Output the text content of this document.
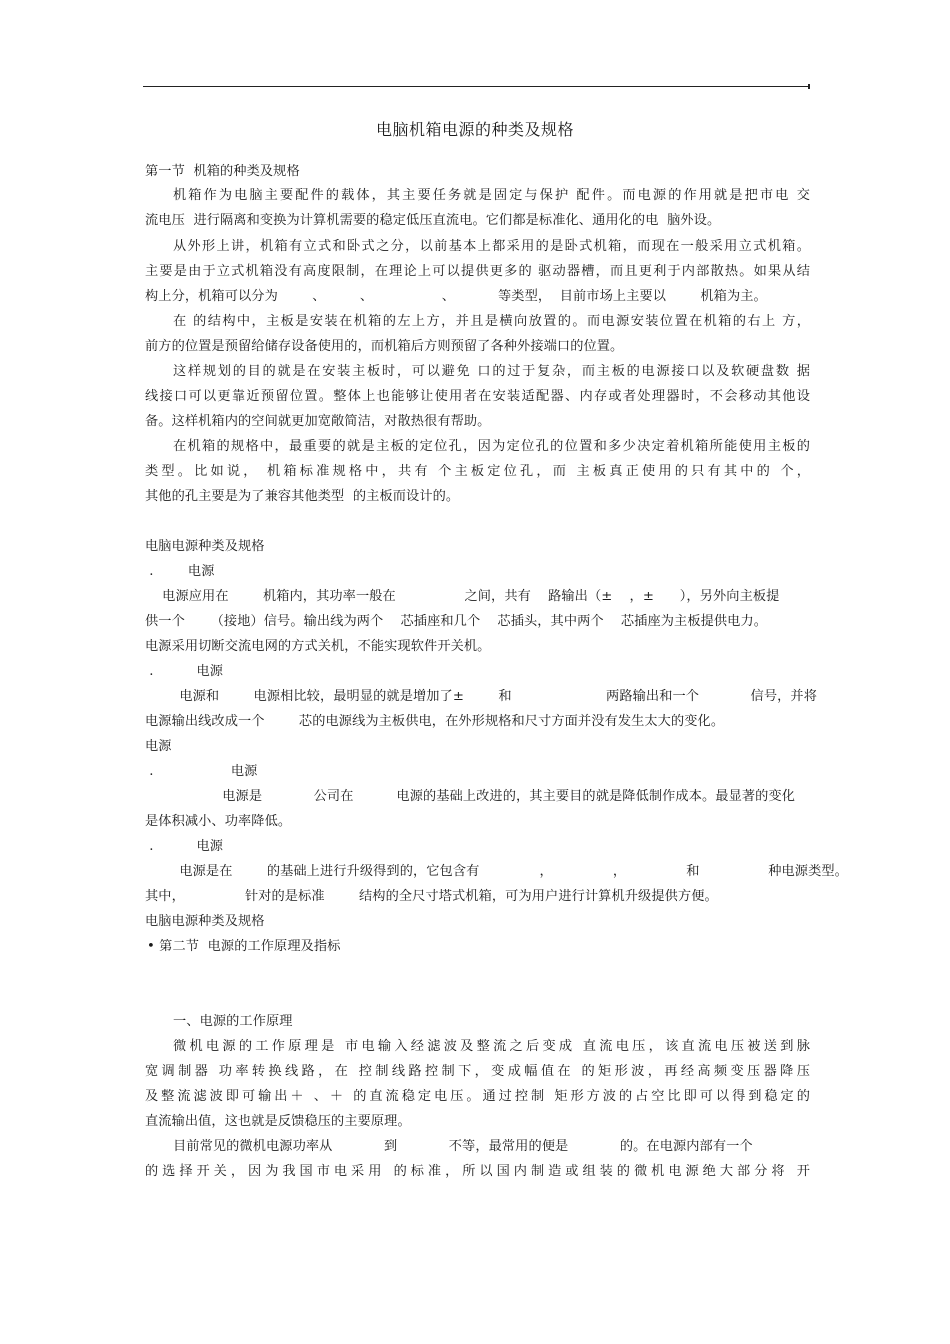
电脑机箱电源的种类及规格
第一节  机箱的种类及规格
机箱作为电脑主要配件的载体，其主要任务就是固定与保护 配件。而电源的作用就是把市电 交
流电压  进行隔离和变换为计算机需要的稳定低压直流电。它们都是标准化、通用化的电  脑外设。
从外形上讲，机箱有立式和卧式之分，以前基本上都采用的是卧式机箱，而现在一般采用立式机箱。
主要是由于立式机箱没有高度限制，在理论上可以提供更多的 驱动器槽，而且更利于内部散热。如果从结
构上分，机箱可以分为        、        、                、          等类型，  目前市场上主要以        机箱为主。
在 的结构中，主板是安装在机箱的左上方，并且是横向放置的。而电源安装位置在机箱的右上 方，
前方的位置是预留给储存设备使用的，而机箱后方则预留了各种外接端口的位置。
这样规划的目的就是在安装主板时，可以避免 口的过于复杂，而主板的电源接口以及软硬盘数 据
线接口可以更靠近预留位置。整体上也能够让使用者在安装适配器、内存或者处理器时，不会移动其他设
备。这样机箱内的空间就更加宽敞简洁，对散热很有帮助。
在机箱的规格中，最重要的就是主板的定位孔，因为定位孔的位置和多少决定着机箱所能使用主板的
类型。比如说， 机箱标准规格中，共有 个主板定位孔，而 主板真正使用的只有其中的 个，
其他的孔主要是为了兼容其他类型  的主板而设计的。
电脑电源种类及规格
.        电源
电源应用在        机箱内，其功率一般在                之间，共有    路输出（±    ，±      ），另外向主板提
供一个      （接地）信号。输出线为两个    芯插座和几个    芯插头，其中两个    芯插座为主板提供电力。
电源采用切断交流电网的方式关机，不能实现软件开关机。
.          电源
电源和        电源相比较，最明显的就是增加了±        和                      两路输出和一个            信号，并将
电源输出线改成一个        芯的电源线为主板供电，在外形规格和尺寸方面并没有发生太大的变化。
电源
.                  电源
电源是            公司在          电源的基础上改进的，其主要目的就是降低制作成本。最显著的变化
是体积减小、功率降低。
.          电源
电源是在        的基础上进行升级得到的，它包含有              ，              ，              和                种电源类型。
其中，              针对的是标准        结构的全尺寸塔式机箱，可为用户进行计算机升级提供方便。
电脑电源种类及规格
• 第二节  电源的工作原理及指标
一、电源的工作原理
微机电源的工作原理是 市电输入经滤波及整流之后变成 直流电压，该直流电压被送到脉
宽调制器 功率转换线路，在 控制线路控制下，变成幅值在 的矩形波，再经高频变压器降压
及整流滤波即可输出＋ 、＋ 的直流稳定电压。通过控制 矩形方波的占空比即可以得到稳定的
直流输出值，这也就是反馈稳压的主要原理。
目前常见的微机电源功率从            到            不等，最常用的便是            的。在电源内部有一个
的选择开关，因为我国市电采用 的标准，所以国内制造或组装的微机电源绝大部分将 开
